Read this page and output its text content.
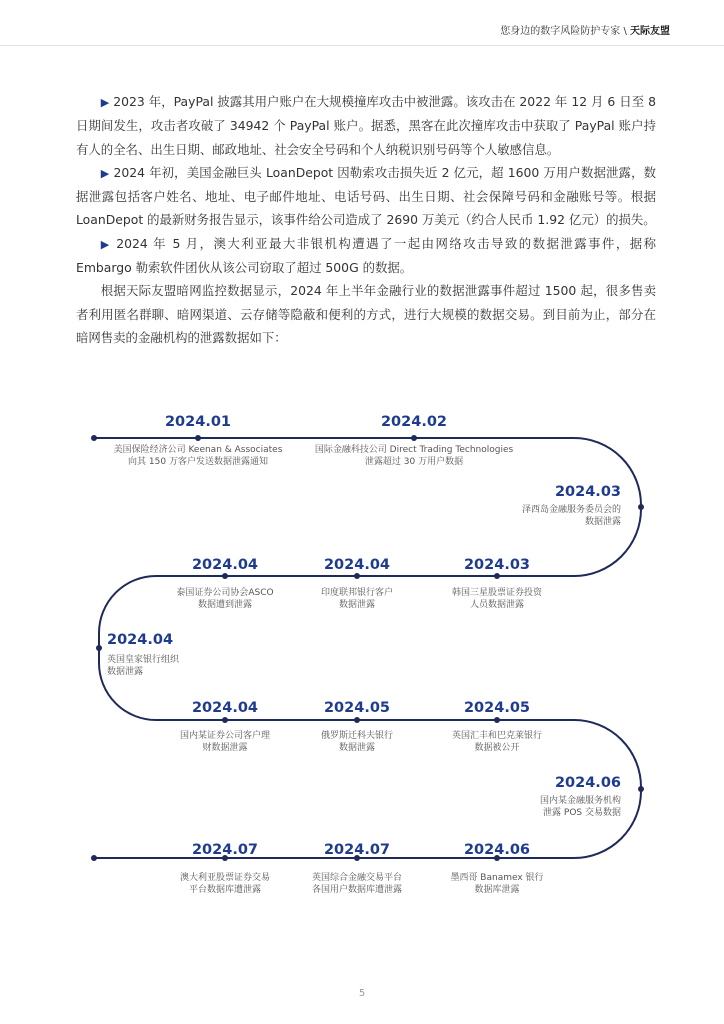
您身边的数字风险防护专家 \ 天际友盟

▶ 2023 年，PayPal 披露其用户账户在大规模撞库攻击中被泄露。该攻击在 2022 年 12 月 6 日至 8 日期间发生，攻击者攻破了 34942 个 PayPal 账户。据悉，黑客在此次撞库攻击中获取了 PayPal 账户持有人的全名、出生日期、邮政地址、社会安全号码和个人纳税识别号码等个人敏感信息。

▶ 2024 年初，美国金融巨头 LoanDepot 因勒索攻击损失近 2 亿元，超 1600 万用户数据泄露，数据泄露包括客户姓名、地址、电子邮件地址、电话号码、出生日期、社会保障号码和金融账号等。根据 LoanDepot 的最新财务报告显示，该事件给公司造成了 2690 万美元（约合人民币 1.92 亿元）的损失。

▶ 2024 年 5 月，澳大利亚最大非银机构遭遇了一起由网络攻击导致的数据泄露事件，据称 Embargo 勒索软件团伙从该公司窃取了超过 500G 的数据。

根据天际友盟暗网监控数据显示，2024 年上半年金融行业的数据泄露事件超过 1500 起，很多售卖者利用匿名群聊、暗网渠道、云存储等隐蔽和便利的方式，进行大规模的数据交易。到目前为止，部分在暗网售卖的金融机构的泄露数据如下：

2024.01
美国保险经济公司 Keenan & Associates
向其 150 万客户发送数据泄露通知
2024.02
国际金融科技公司 Direct Trading Technologies
泄露超过 30 万用户数据
2024.03
泽西岛金融服务委员会的
数据泄露
2024.03
韩国三星股票证券投资
人员数据泄露
2024.04
印度联邦银行客户
数据泄露
2024.04
泰国证券公司协会ASCO
数据遭到泄露
2024.04
英国皇家银行组织
数据泄露
2024.04
国内某证券公司客户理
财数据泄露
2024.05
俄罗斯迁科夫银行
数据泄露
2024.05
英国汇丰和巴克莱银行
数据被公开
2024.06
国内某金融服务机构
泄露 POS 交易数据
2024.06
墨西哥 Banamex 银行
数据库泄露
2024.07
英国综合金融交易平台
各国用户数据库遭泄露
2024.07
澳大利亚股票证券交易
平台数据库遭泄露
5
